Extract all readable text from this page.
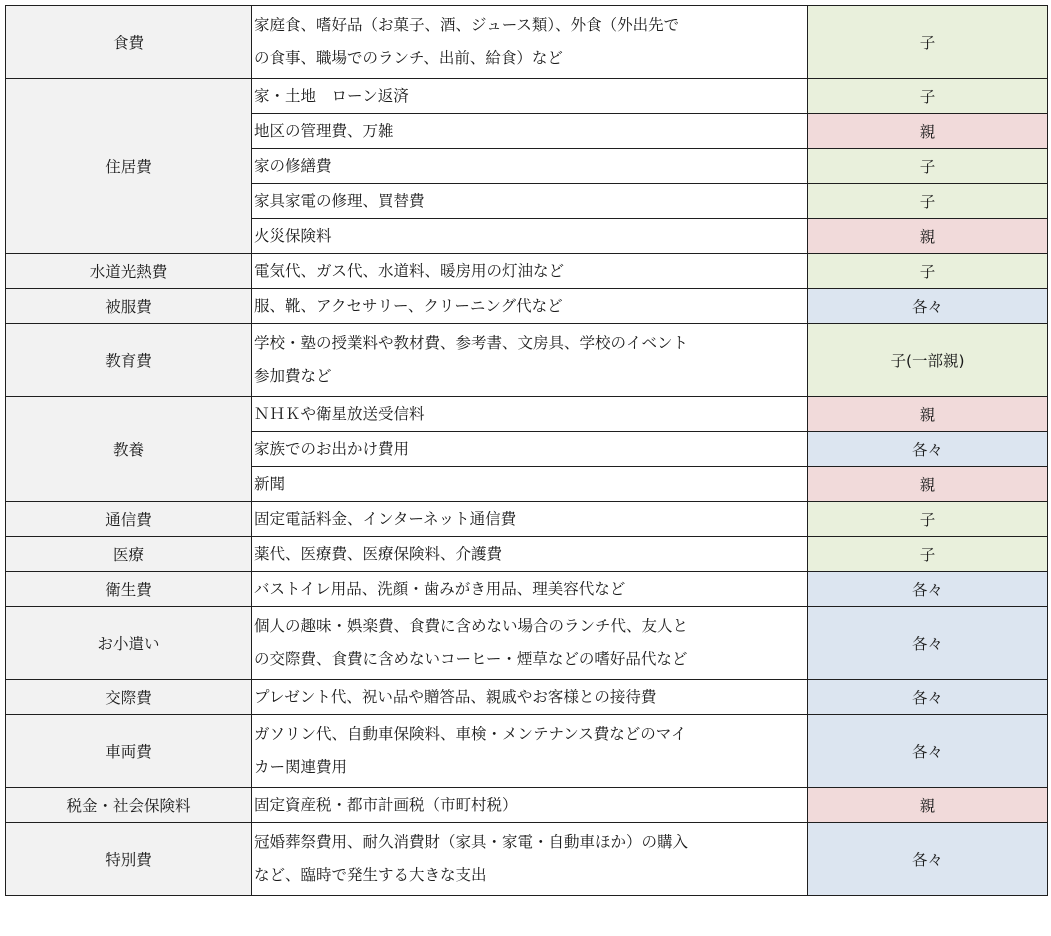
食費	家庭食、嗜好品（お菓子、酒、ジュース類）、外食（外出先で
の食事、職場でのランチ、出前、給食）など	子
住居費	家・土地　ローン返済	子

	地区の管理費、万雑	親

	家の修繕費	子

	家具家電の修理、買替費	子

	火災保険料	親
水道光熱費	電気代、ガス代、水道料、暖房用の灯油など	子
被服費	服、靴、アクセサリー、クリーニング代など	各々
教育費	学校・塾の授業料や教材費、参考書、文房具、学校のイベント
参加費など	子(一部親)
教養	ＮＨＫや衛星放送受信料	親

	家族でのお出かけ費用	各々

	新聞	親
通信費	固定電話料金、インターネット通信費	子
医療	薬代、医療費、医療保険料、介護費	子
衛生費	バストイレ用品、洗顔・歯みがき用品、理美容代など	各々
お小遣い	個人の趣味・娯楽費、食費に含めない場合のランチ代、友人と
の交際費、食費に含めないコーヒー・煙草などの嗜好品代など	各々
交際費	プレゼント代、祝い品や贈答品、親戚やお客様との接待費	各々
車両費	ガソリン代、自動車保険料、車検・メンテナンス費などのマイ
カー関連費用	各々
税金・社会保険料	固定資産税・都市計画税（市町村税）	親
特別費	冠婚葬祭費用、耐久消費財（家具・家電・自動車ほか）の購入
など、臨時で発生する大きな支出	各々
